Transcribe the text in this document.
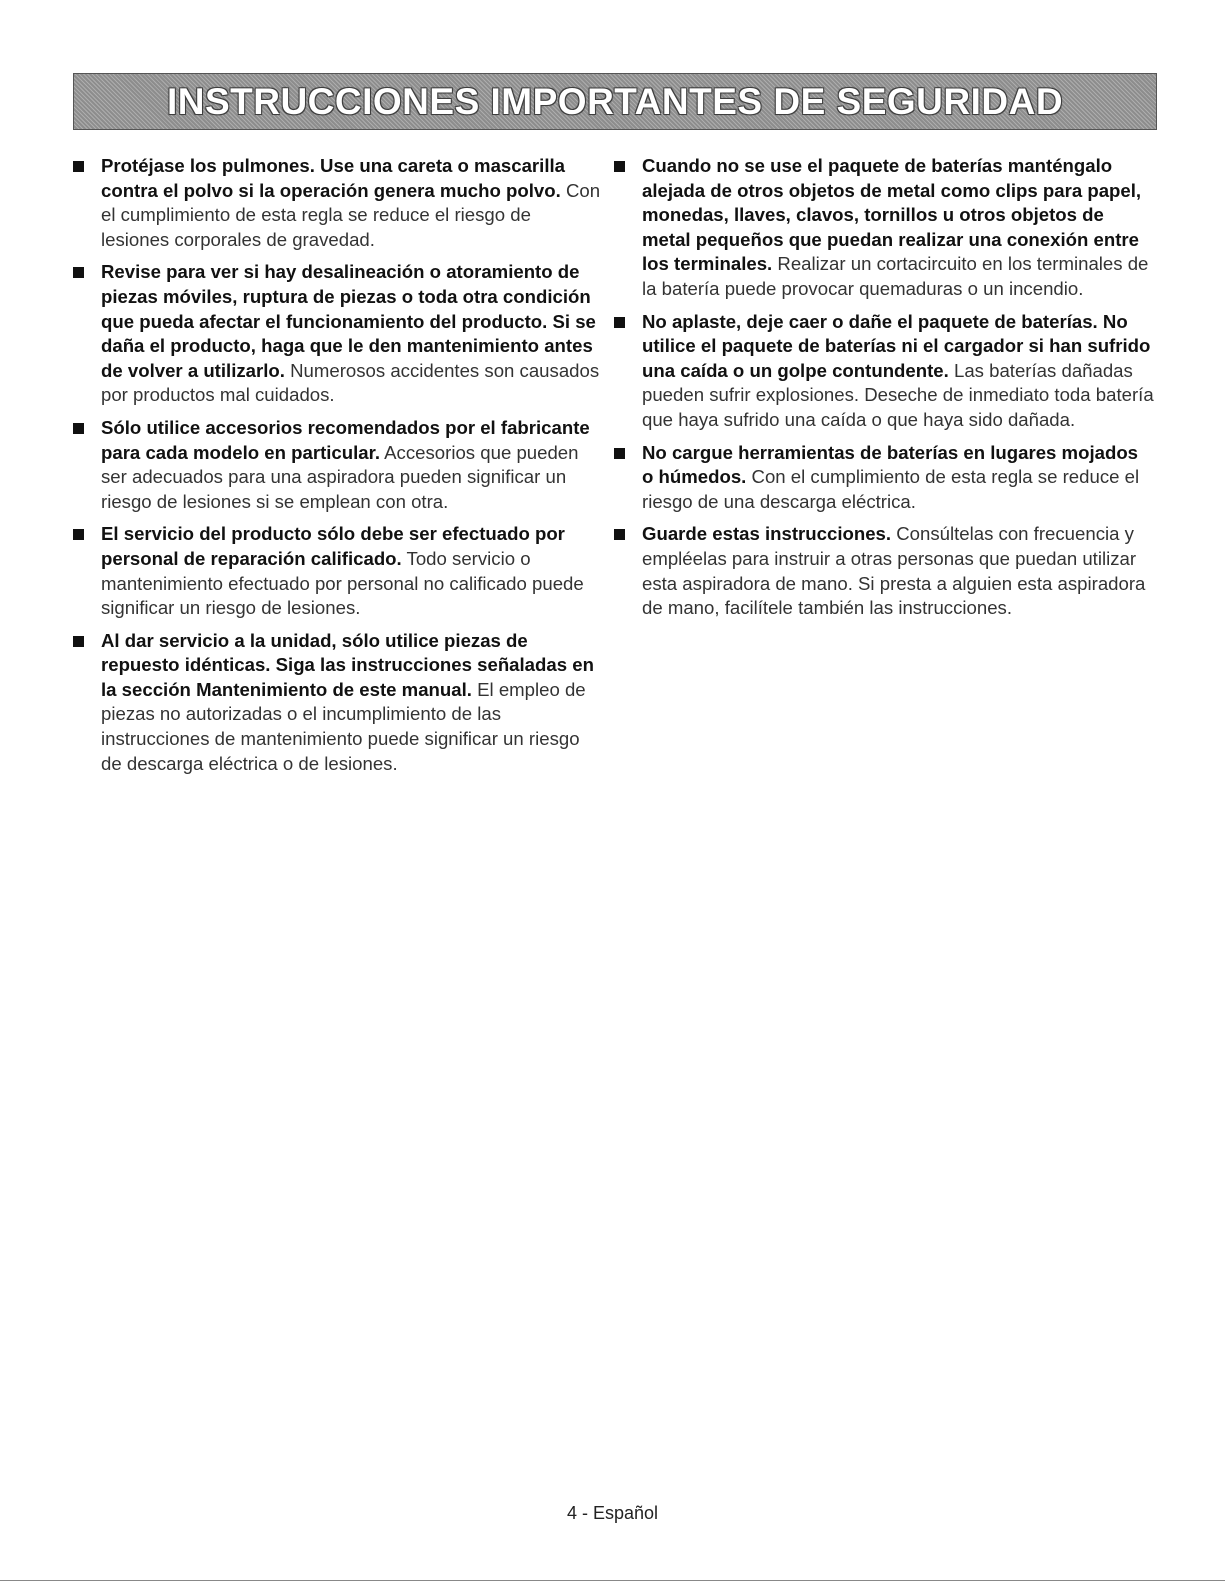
INSTRUCCIONES IMPORTANTES DE SEGURIDAD
Protéjase los pulmones. Use una careta o mascarilla contra el polvo si la operación genera mucho polvo. Con el cumplimiento de esta regla se reduce el riesgo de lesiones corporales de gravedad.
Revise para ver si hay desalineación o atoramiento de piezas móviles, ruptura de piezas o toda otra condición que pueda afectar el funcionamiento del producto. Si se daña el producto, haga que le den mantenimiento antes de volver a utilizarlo. Numerosos accidentes son causados por productos mal cuidados.
Sólo utilice accesorios recomendados por el fabricante para cada modelo en particular. Accesorios que pueden ser adecuados para una aspiradora pueden significar un riesgo de lesiones si se emplean con otra.
El servicio del producto sólo debe ser efectuado por personal de reparación calificado. Todo servicio o mantenimiento efectuado por personal no calificado puede significar un riesgo de lesiones.
Al dar servicio a la unidad, sólo utilice piezas de repuesto idénticas. Siga las instrucciones señaladas en la sección Mantenimiento de este manual. El empleo de piezas no autorizadas o el incumplimiento de las instrucciones de mantenimiento puede significar un riesgo de descarga eléctrica o de lesiones.
Cuando no se use el paquete de baterías manténgalo alejada de otros objetos de metal como clips para papel, monedas, llaves, clavos, tornillos u otros objetos de metal pequeños que puedan realizar una conexión entre los terminales. Realizar un cortacircuito en los terminales de la batería puede provocar quemaduras o un incendio.
No aplaste, deje caer o dañe el paquete de baterías. No utilice el paquete de baterías ni el cargador si han sufrido una caída o un golpe contundente. Las baterías dañadas pueden sufrir explosiones. Deseche de inmediato toda batería que haya sufrido una caída o que haya sido dañada.
No cargue herramientas de baterías en lugares mojados o húmedos. Con el cumplimiento de esta regla se reduce el riesgo de una descarga eléctrica.
Guarde estas instrucciones. Consúltelas con frecuencia y empléelas para instruir a otras personas que puedan utilizar esta aspiradora de mano. Si presta a alguien esta aspiradora de mano, facilítele también las instrucciones.
4 - Español
